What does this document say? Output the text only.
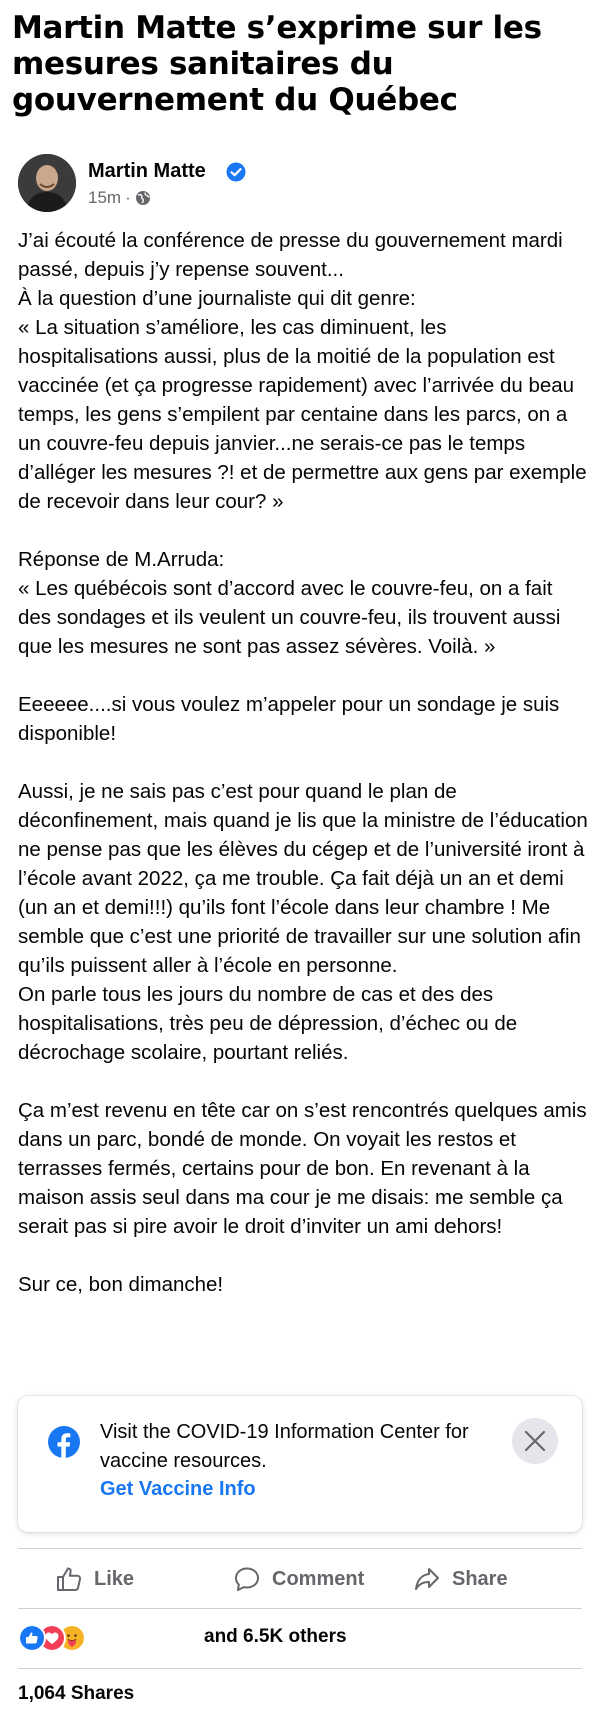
Martin Matte s’exprime sur les mesures sanitaires du gouvernement du Québec
Martin Matte
15m ·

J’ai écouté la conférence de presse du gouvernement mardi passé, depuis j’y repense souvent...
À la question d’une journaliste qui dit genre:
« La situation s’améliore, les cas diminuent, les hospitalisations aussi, plus de la moitié de la population est vaccinée (et ça progresse rapidement) avec l’arrivée du beau temps, les gens s’empilent par centaine dans les parcs, on a un couvre-feu depuis janvier...ne serais-ce pas le temps d’alléger les mesures ?! et de permettre aux gens par exemple de recevoir dans leur cour? »

Réponse de M.Arruda:
« Les québécois sont d’accord avec le couvre-feu, on a fait des sondages et ils veulent un couvre-feu, ils trouvent aussi que les mesures ne sont pas assez sévères. Voilà. »

Eeeeee....si vous voulez m’appeler pour un sondage je suis disponible!

Aussi, je ne sais pas c’est pour quand le plan de déconfinement, mais quand je lis que la ministre de l’éducation ne pense pas que les élèves du cégep et de l’université iront à l’école avant 2022, ça me trouble. Ça fait déjà un an et demi (un an et demi!!!) qu’ils font l’école dans leur chambre ! Me semble que c’est une priorité de travailler sur une solution afin qu’ils puissent aller à l’école en personne.
On parle tous les jours du nombre de cas et des des hospitalisations, très peu de dépression, d’échec ou de décrochage scolaire, pourtant reliés.

Ça m’est revenu en tête car on s’est rencontrés quelques amis dans un parc, bondé de monde. On voyait les restos et terrasses fermés, certains pour de bon. En revenant à la maison assis seul dans ma cour je me disais: me semble ça serait pas si pire avoir le droit d’inviter un ami dehors!

Sur ce, bon dimanche!

Visit the COVID-19 Information Center for vaccine resources.
Get Vaccine Info
Like	Comment	Share
and 6.5K others
1,064 Shares
